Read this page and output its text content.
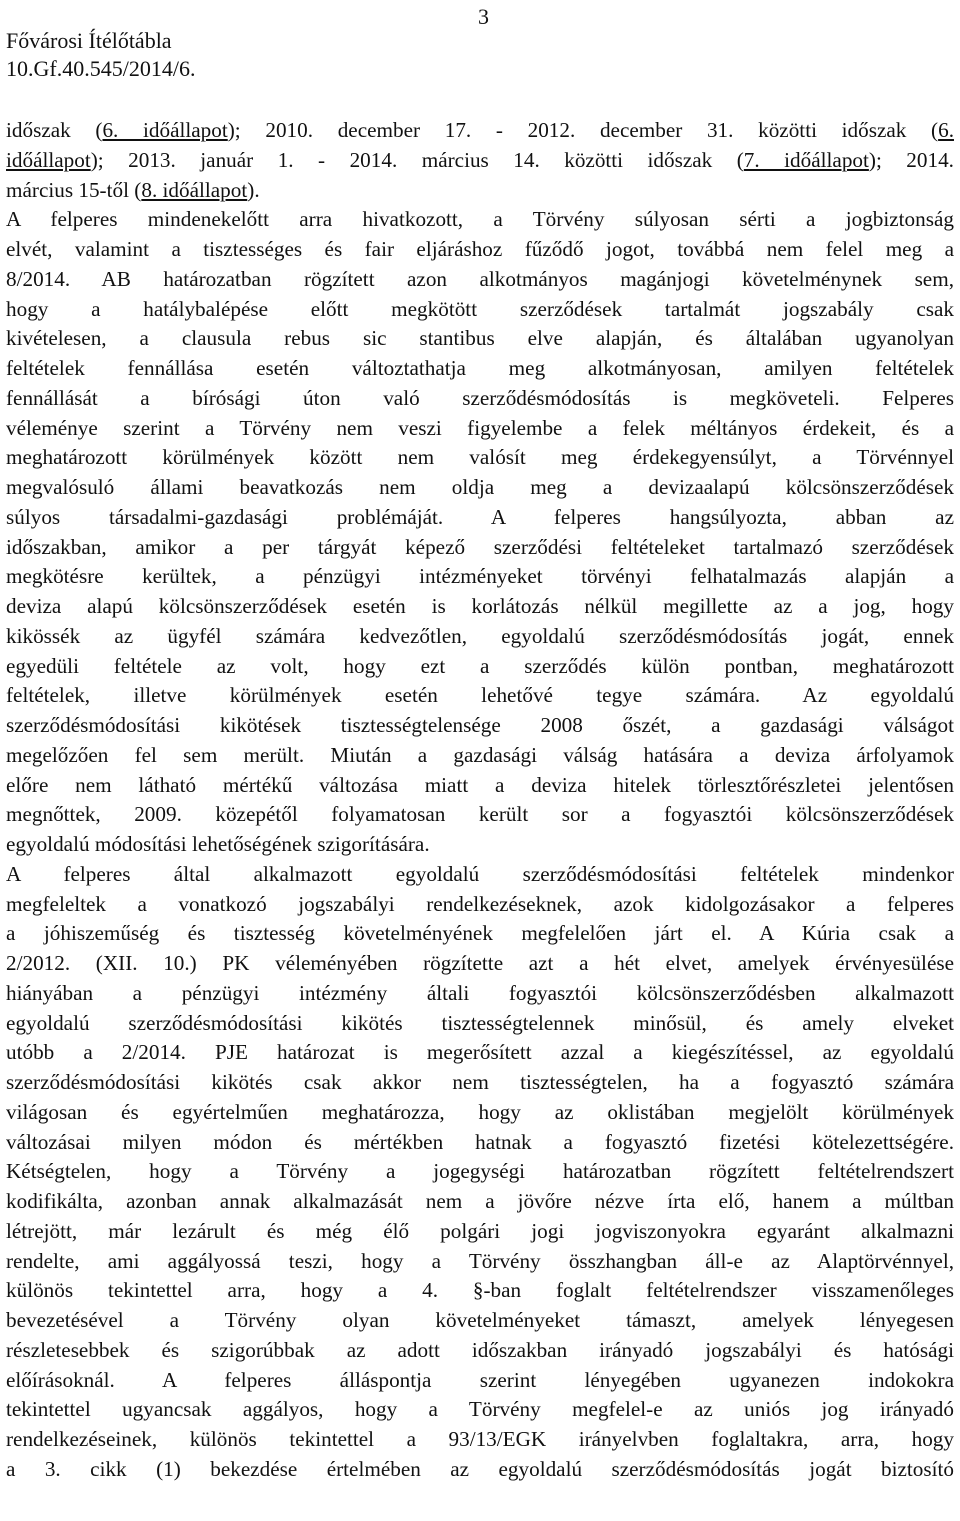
Fővárosi Ítélőtábla
10.Gf.40.545/2014/6.
3
időszak (6. időállapot); 2010. december 17. - 2012. december 31. közötti időszak (6.
időállapot); 2013. január 1. - 2014. március 14. közötti időszak (7. időállapot); 2014.
március 15-től (8. időállapot).
A felperes mindenekelőtt arra hivatkozott, a Törvény súlyosan sérti a jogbiztonság
elvét, valamint a tisztességes és fair eljáráshoz fűződő jogot, továbbá nem felel meg a
8/2014. AB határozatban rögzített azon alkotmányos magánjogi követelménynek sem,
hogy a hatálybalépése előtt megkötött szerződések tartalmát jogszabály csak
kivételesen, a clausula rebus sic stantibus elve alapján, és általában ugyanolyan
feltételek fennállása esetén változtathatja meg alkotmányosan, amilyen feltételek
fennállását a bírósági úton való szerződésmódosítás is megköveteli. Felperes
véleménye szerint a Törvény nem veszi figyelembe a felek méltányos érdekeit, és a
meghatározott körülmények között nem valósít meg érdekegyensúlyt, a Törvénnyel
megvalósuló állami beavatkozás nem oldja meg a devizaalapú kölcsönszerződések
súlyos társadalmi-gazdasági problémáját. A felperes hangsúlyozta, abban az
időszakban, amikor a per tárgyát képező szerződési feltételeket tartalmazó szerződések
megkötésre kerültek, a pénzügyi intézményeket törvényi felhatalmazás alapján a
deviza alapú kölcsönszerződések esetén is korlátozás nélkül megillette az a jog, hogy
kikössék az ügyfél számára kedvezőtlen, egyoldalú szerződésmódosítás jogát, ennek
egyedüli feltétele az volt, hogy ezt a szerződés külön pontban, meghatározott
feltételek, illetve körülmények esetén lehetővé tegye számára. Az egyoldalú
szerződésmódosítási kikötések tisztességtelensége 2008 őszét, a gazdasági válságot
megelőzően fel sem merült. Miután a gazdasági válság hatására a deviza árfolyamok
előre nem látható mértékű változása miatt a deviza hitelek törlesztőrészletei jelentősen
megnőttek, 2009. közepétől folyamatosan került sor a fogyasztói kölcsönszerződések
egyoldalú módosítási lehetőségének szigorítására.
A felperes által alkalmazott egyoldalú szerződésmódosítási feltételek mindenkor
megfeleltek a vonatkozó jogszabályi rendelkezéseknek, azok kidolgozásakor a felperes
a jóhiszeműség és tisztesség követelményének megfelelően járt el. A Kúria csak a
2/2012. (XII. 10.) PK véleményében rögzítette azt a hét elvet, amelyek érvényesülése
hiányában a pénzügyi intézmény általi fogyasztói kölcsönszerződésben alkalmazott
egyoldalú szerződésmódosítási kikötés tisztességtelennek minősül, és amely elveket
utóbb a 2/2014. PJE határozat is megerősített azzal a kiegészítéssel, az egyoldalú
szerződésmódosítási kikötés csak akkor nem tisztességtelen, ha a fogyasztó számára
világosan és egyértelműen meghatározza, hogy az oklistában megjelölt körülmények
változásai milyen módon és mértékben hatnak a fogyasztó fizetési kötelezettségére.
Kétségtelen, hogy a Törvény a jogegységi határozatban rögzített feltételrendszert
kodifikálta, azonban annak alkalmazását nem a jövőre nézve írta elő, hanem a múltban
létrejött, már lezárult és még élő polgári jogi jogviszonyokra egyaránt alkalmazni
rendelte, ami aggályossá teszi, hogy a Törvény összhangban áll-e az Alaptörvénnyel,
különös tekintettel arra, hogy a 4. §-ban foglalt feltételrendszer visszamenőleges
bevezetésével a Törvény olyan követelményeket támaszt, amelyek lényegesen
részletesebbek és szigorúbbak az adott időszakban irányadó jogszabályi és hatósági
előírásoknál. A felperes álláspontja szerint lényegében ugyanezen indokokra
tekintettel ugyancsak aggályos, hogy a Törvény megfelel-e az uniós jog irányadó
rendelkezéseinek, különös tekintettel a 93/13/EGK irányelvben foglaltakra, arra, hogy
a 3. cikk (1) bekezdése értelmében az egyoldalú szerződésmódosítás jogát biztosító
